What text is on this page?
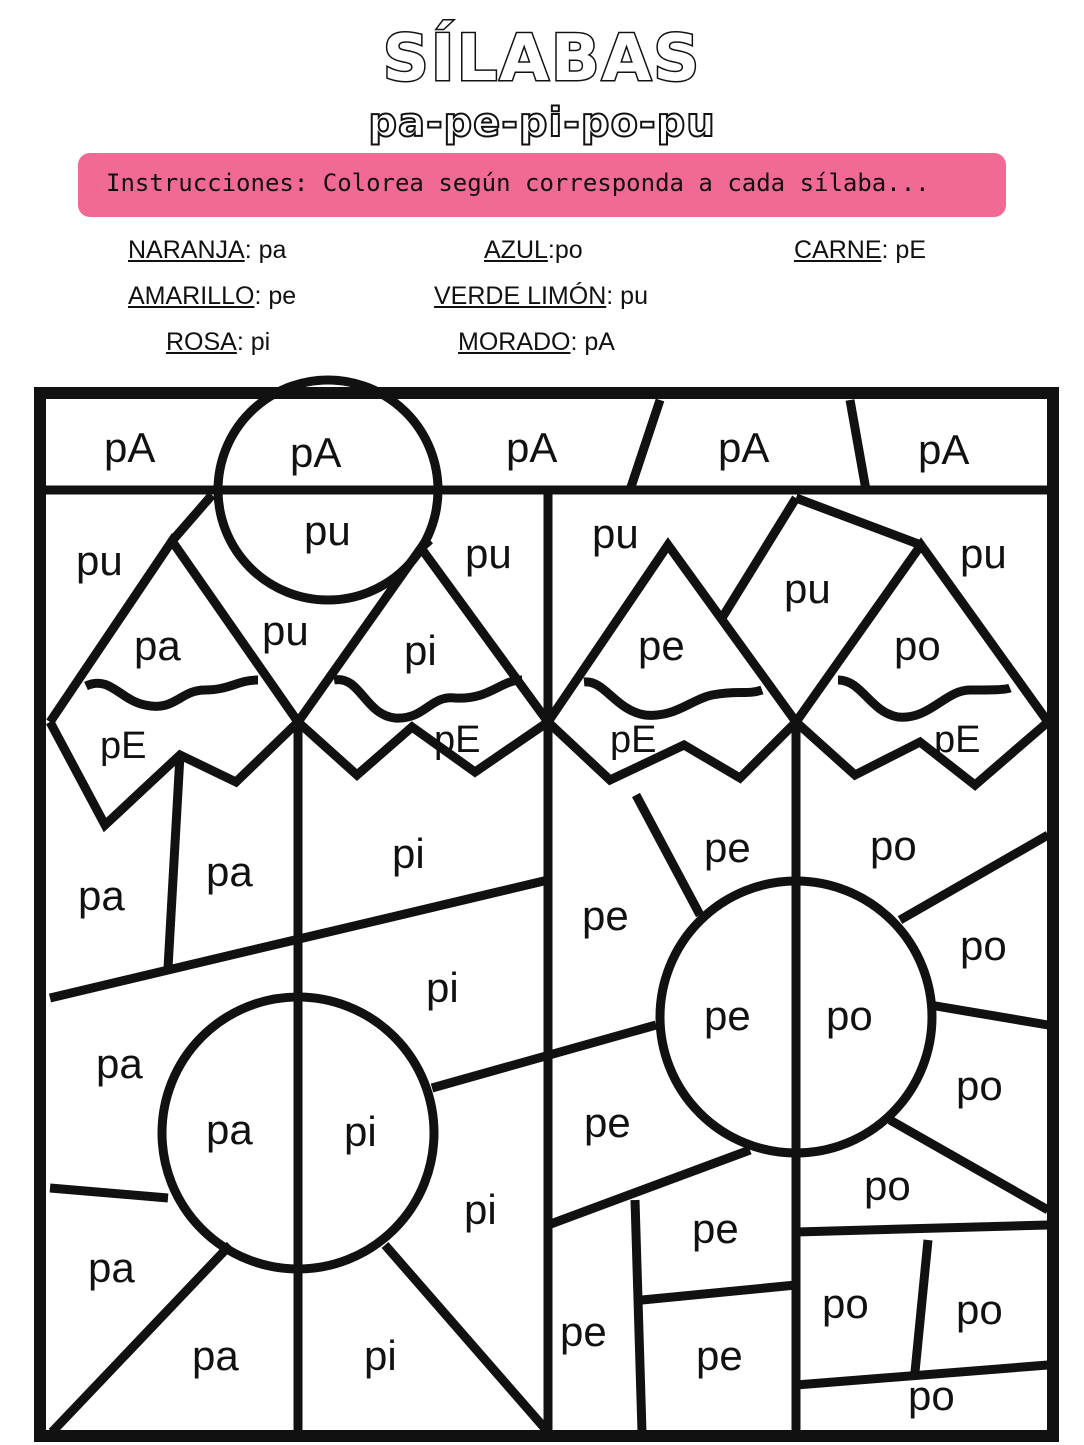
SÍLABAS
pa-pe-pi-po-pu
Instrucciones: Colorea según corresponda a cada sílaba...
NARANJA: pa	AZUL:po	CARNE: pE
AMARILLO: pe	VERDE LIMÓN: pu
ROSA: pi	MORADO: pA
pA	pA	pA	pA	pA
pu
pu	pu pu	pu
pu
pu
pa	pi	pe	po
pE	pE	pE	pE
pa
pa	pi	pe
pe
po
po
pi
pe po
pa
pa pi	pe
po
pi	pe
po
pa
pa	pi
pe
po
pe
po
po
